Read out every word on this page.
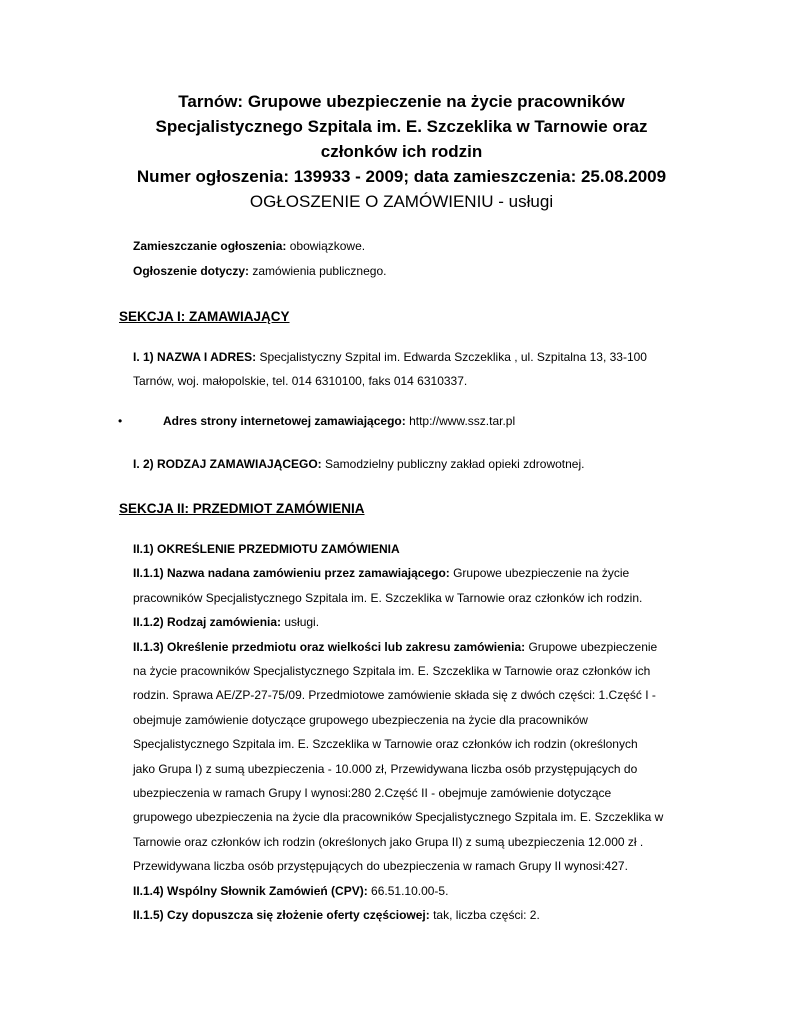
Tarnów: Grupowe ubezpieczenie na życie pracowników
Specjalistycznego Szpitala im. E. Szczeklika w Tarnowie oraz
członków ich rodzin
Numer ogłoszenia: 139933 - 2009; data zamieszczenia: 25.08.2009
OGŁOSZENIE O ZAMÓWIENIU - usługi
Zamieszczanie ogłoszenia: obowiązkowe.
Ogłoszenie dotyczy: zamówienia publicznego.
SEKCJA I: ZAMAWIAJĄCY
I. 1) NAZWA I ADRES: Specjalistyczny Szpital im. Edwarda Szczeklika , ul. Szpitalna 13, 33-100
Tarnów, woj. małopolskie, tel. 014 6310100, faks 014 6310337.
•	Adres strony internetowej zamawiającego: http://www.ssz.tar.pl
I. 2) RODZAJ ZAMAWIAJĄCEGO: Samodzielny publiczny zakład opieki zdrowotnej.
SEKCJA II: PRZEDMIOT ZAMÓWIENIA
II.1) OKREŚLENIE PRZEDMIOTU ZAMÓWIENIA
II.1.1) Nazwa nadana zamówieniu przez zamawiającego: Grupowe ubezpieczenie na życie
pracowników Specjalistycznego Szpitala im. E. Szczeklika w Tarnowie oraz członków ich rodzin.
II.1.2) Rodzaj zamówienia: usługi.
II.1.3) Określenie przedmiotu oraz wielkości lub zakresu zamówienia: Grupowe ubezpieczenie
na życie pracowników Specjalistycznego Szpitala im. E. Szczeklika w Tarnowie oraz członków ich
rodzin. Sprawa AE/ZP-27-75/09. Przedmiotowe zamówienie składa się z dwóch części: 1.Część I -
obejmuje zamówienie dotyczące grupowego ubezpieczenia na życie dla pracowników
Specjalistycznego Szpitala im. E. Szczeklika w Tarnowie oraz członków ich rodzin (określonych
jako Grupa I) z sumą ubezpieczenia - 10.000 zł, Przewidywana liczba osób przystępujących do
ubezpieczenia w ramach Grupy I wynosi:280 2.Część II - obejmuje zamówienie dotyczące
grupowego ubezpieczenia na życie dla pracowników Specjalistycznego Szpitala im. E. Szczeklika w
Tarnowie oraz członków ich rodzin (określonych jako Grupa II) z sumą ubezpieczenia 12.000 zł .
Przewidywana liczba osób przystępujących do ubezpieczenia w ramach Grupy II wynosi:427.
II.1.4) Wspólny Słownik Zamówień (CPV): 66.51.10.00-5.
II.1.5) Czy dopuszcza się złożenie oferty częściowej: tak, liczba części: 2.
